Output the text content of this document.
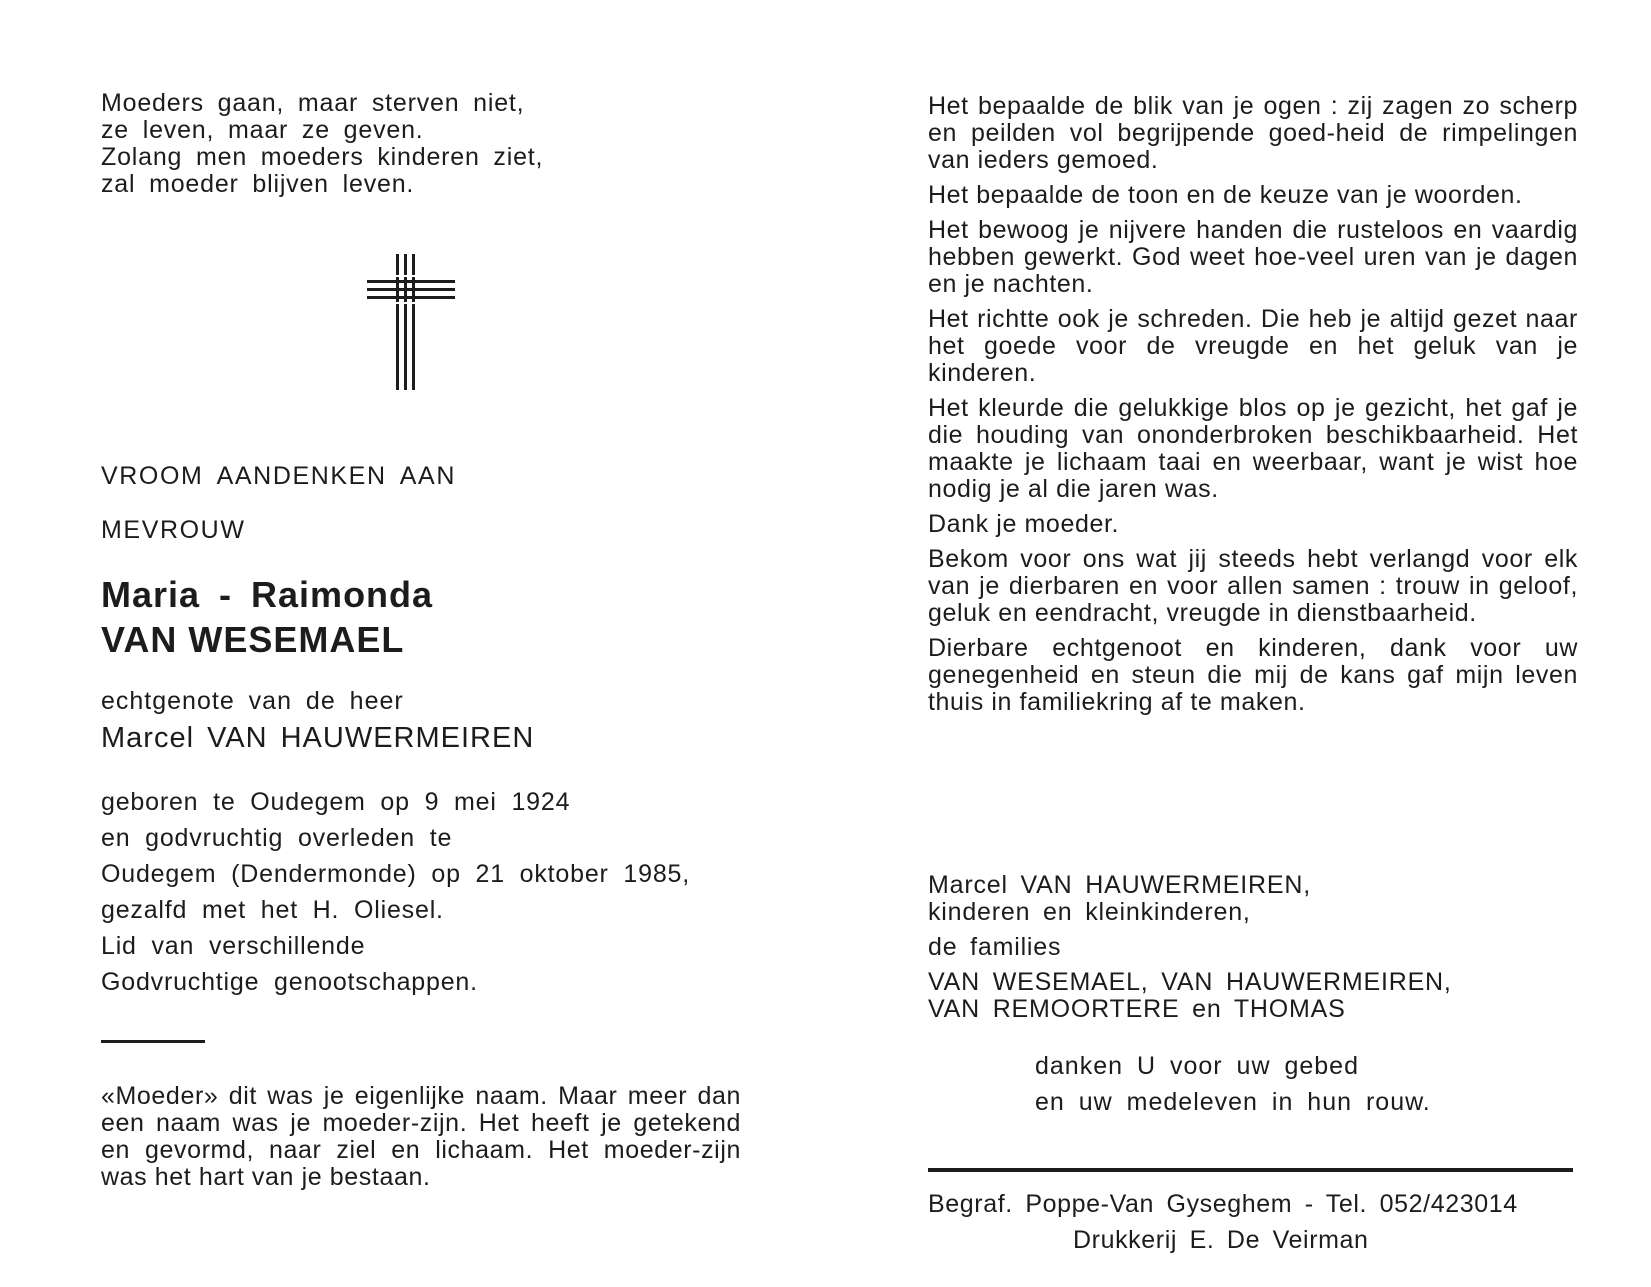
Moeders gaan, maar sterven niet,
ze leven, maar ze geven.
Zolang men moeders kinderen ziet,
zal moeder blijven leven.
VROOM AANDENKEN AAN
MEVROUW
Maria - Raimonda
VAN WESEMAEL
echtgenote van de heer
Marcel VAN HAUWERMEIREN
geboren te Oudegem op 9 mei 1924
en godvruchtig overleden te
Oudegem (Dendermonde) op 21 oktober 1985,
gezalfd met het H. Oliesel.
Lid van verschillende
Godvruchtige genootschappen.
«Moeder» dit was je eigenlijke naam. Maar meer dan een naam was je moeder-zijn. Het heeft je getekend en gevormd, naar ziel en lichaam. Het moeder-zijn was het hart van je bestaan.

Het bepaalde de blik van je ogen : zij zagen zo scherp en peilden vol begrijpende goed-heid de rimpelingen van ieders gemoed.

Het bepaalde de toon en de keuze van je woorden.

Het bewoog je nijvere handen die rusteloos en vaardig hebben gewerkt. God weet hoe-veel uren van je dagen en je nachten.

Het richtte ook je schreden. Die heb je altijd gezet naar het goede voor de vreugde en het geluk van je kinderen.

Het kleurde die gelukkige blos op je gezicht, het gaf je die houding van ononderbroken beschikbaarheid. Het maakte je lichaam taai en weerbaar, want je wist hoe nodig je al die jaren was.

Dank je moeder.

Bekom voor ons wat jij steeds hebt verlangd voor elk van je dierbaren en voor allen samen : trouw in geloof, geluk en eendracht, vreugde in dienstbaarheid.

Dierbare echtgenoot en kinderen, dank voor uw genegenheid en steun die mij de kans gaf mijn leven thuis in familiekring af te maken.

Marcel VAN HAUWERMEIREN,
kinderen en kleinkinderen,
de families
VAN WESEMAEL, VAN HAUWERMEIREN,
VAN REMOORTERE en THOMAS
danken U voor uw gebed
en uw medeleven in hun rouw.
Begraf. Poppe-Van Gyseghem - Tel. 052/423014
Drukkerij E. De Veirman
